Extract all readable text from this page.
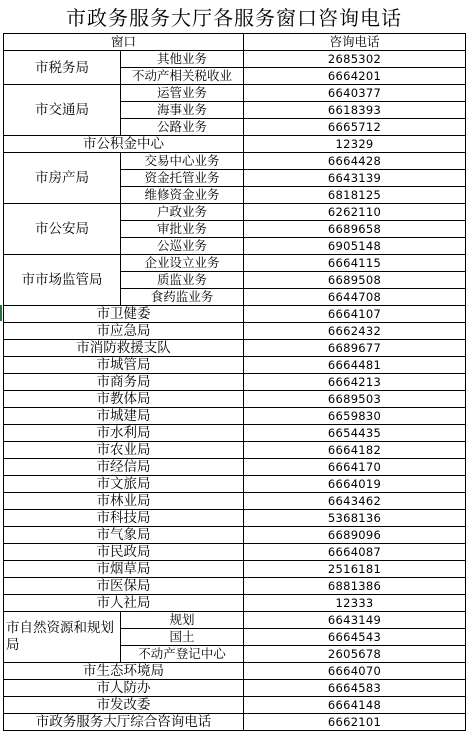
市政务服务大厅各服务窗口咨询电话
窗口		咨询电话
市税务局	其他业务	2685302
	不动产相关税收业	6664201
市交通局	运管业务	6640377
	海事业务	6618393
	公路业务	6665712
市公积金中心		12329
市房产局	交易中心业务	6664428
	资金托管业务	6643139
	维修资金业务	6818125
市公安局	户政业务	6262110
	审批业务	6689658
	公巡业务	6905148
市市场监管局	企业设立业务	6664115
	质监业务	6689508
	食药监业务	6644708
市卫健委		6664107
市应急局		6662432
市消防救援支队		6689677
市城管局		6664481
市商务局		6664213
市教体局		6689503
市城建局		6659830
市水利局		6654435
市农业局		6664182
市经信局		6664170
市文旅局		6664019
市林业局		6643462
市科技局		5368136
市气象局		6689096
市民政局		6664087
市烟草局		2516181
市医保局		6881386
市人社局		12333
市自然资源和规划局	规划	6643149
	国土	6664543
	不动产登记中心	2605678
市生态环境局		6664070
市人防办		6664583
市发改委		6664148
市政务服务大厅综合咨询电话		6662101
